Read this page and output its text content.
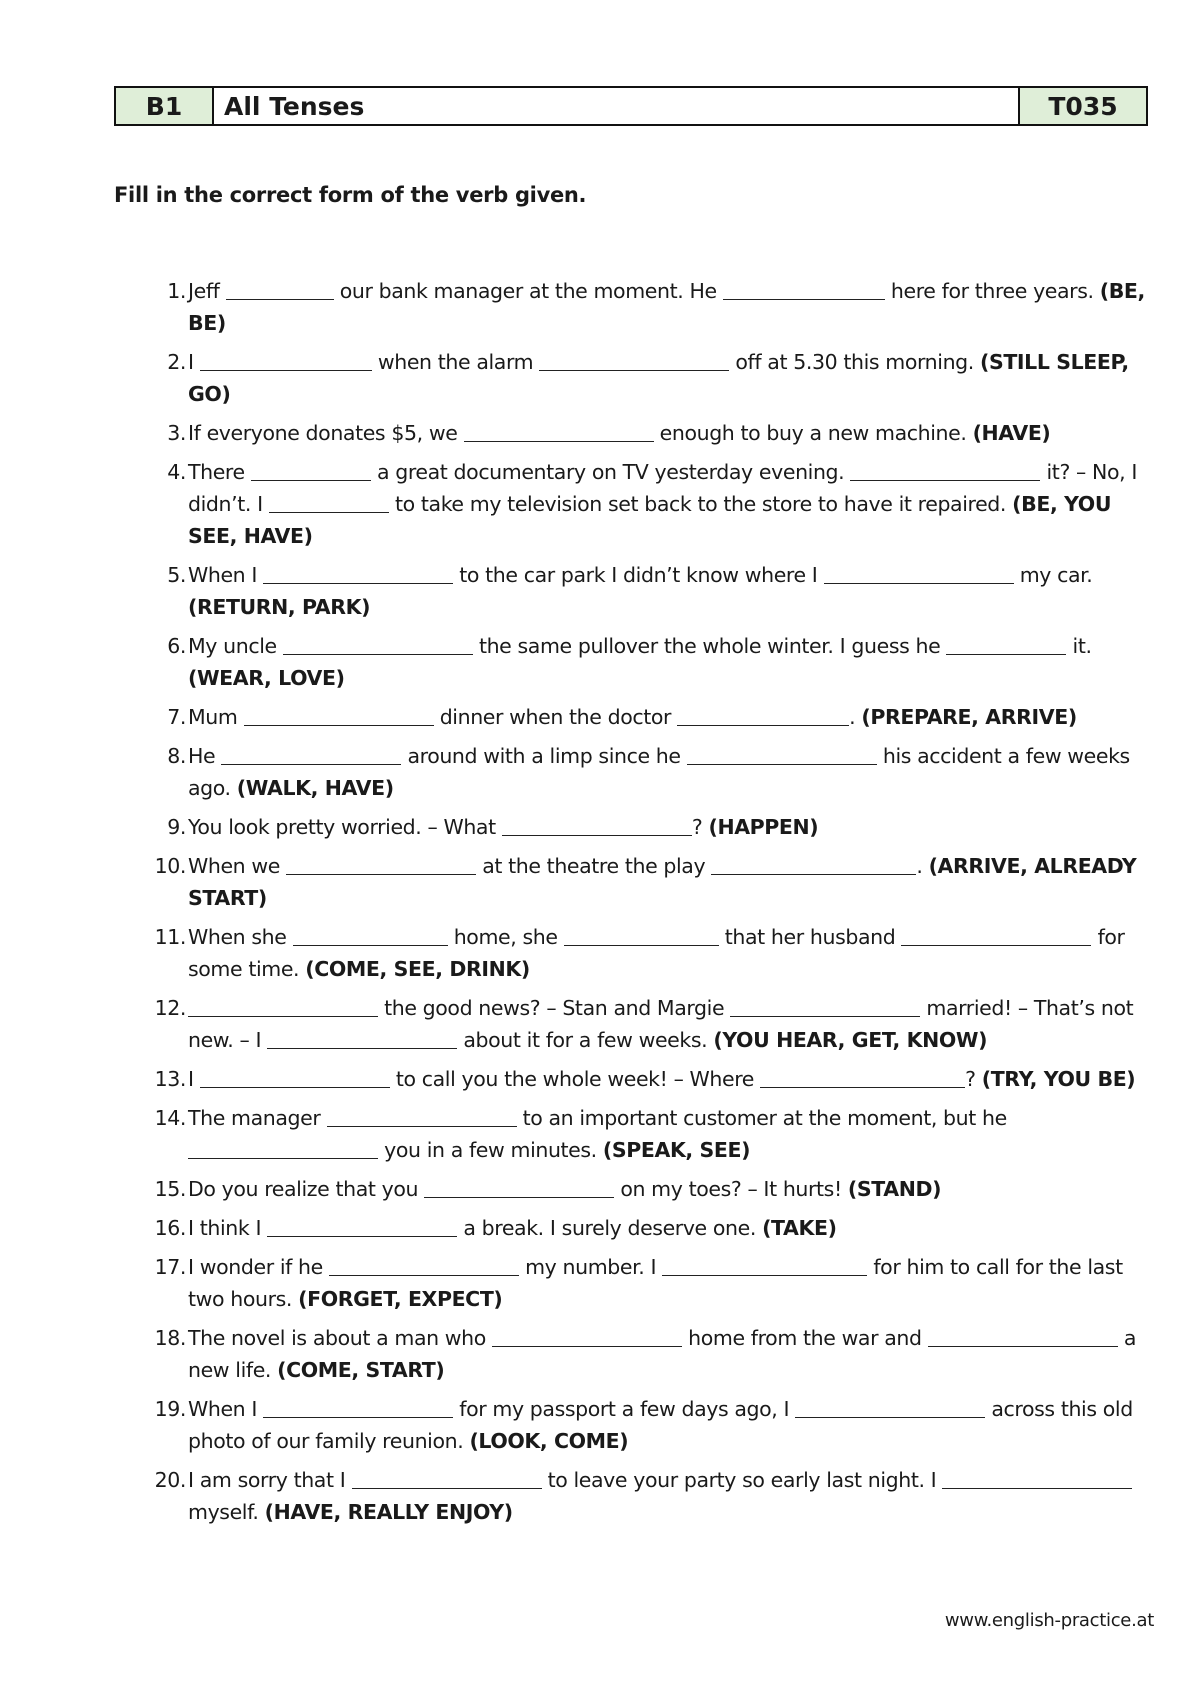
B1	All Tenses	T035
Fill in the correct form of the verb given.
1. Jeff	our bank manager at the moment. He	here for three years. (BE, BE)
2. I	when the alarm	off at 5.30 this morning. (STILL SLEEP, GO)
3. If everyone donates $5, we	enough to buy a new machine. (HAVE)
4. There	a great documentary on TV yesterday evening.	it? – No, I didn’t. I	to take my television set back to the store to have it repaired. (BE, YOU SEE, HAVE)
5. When I	to the car park I didn’t know where I	my car. (RETURN, PARK)
6. My uncle	the same pullover the whole winter. I guess he	it. (WEAR, LOVE)
7. Mum	dinner when the doctor	. (PREPARE, ARRIVE)
8. He	around with a limp since he	his accident a few weeks ago. (WALK, HAVE)
9. You look pretty worried. – What	? (HAPPEN)
10. When we	at the theatre the play	. (ARRIVE, ALREADY START)
11. When she	home, she	that her husband	for some time. (COME, SEE, DRINK)
12.	the good news? – Stan and Margie	married! – That’s not new. – I	about it for a few weeks. (YOU HEAR, GET, KNOW)
13. I	to call you the whole week! – Where	? (TRY, YOU BE)
14. The manager	to an important customer at the moment, but he  you in a few minutes. (SPEAK, SEE)
15. Do you realize that you	on my toes? – It hurts! (STAND)
16. I think I	a break. I surely deserve one. (TAKE)
17. I wonder if he	my number. I	for him to call for the last two hours. (FORGET, EXPECT)
18. The novel is about a man who	home from the war and	a new life. (COME, START)
19. When I	for my passport a few days ago, I	across this old photo of our family reunion. (LOOK, COME)
20. I am sorry that I	to leave your party so early last night. I  myself. (HAVE, REALLY ENJOY)
www.english-practice.at
